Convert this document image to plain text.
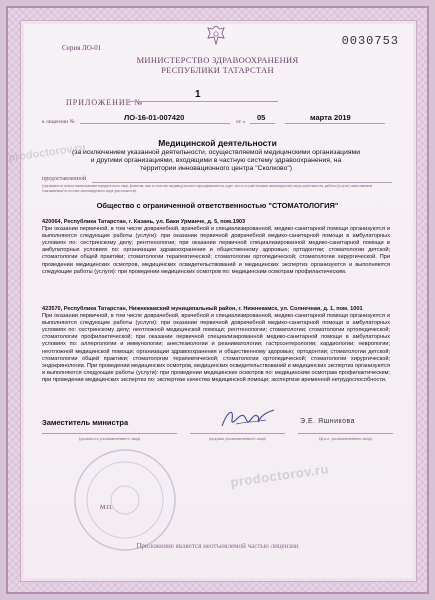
Серия ЛО-01	0030753
МИНИСТЕРСТВО ЗДРАВООХРАНЕНИЯ
РЕСПУБЛИКИ ТАТАРСТАН
ПРИЛОЖЕНИЕ №
1
к лицензии №	ЛО-16-01-007420	от « 05	марта 2019
Медицинской деятельности
(за исключением указанной деятельности, осуществляемой медицинскими организациями
и другими организациями, входящими в частную систему здравоохранения, на
территории инновационного центра "Сколково")
предоставленной
(указываются полное наименование юридического лица, фамилия, имя и отчество индивидуального предпринимателя, адрес места осуществления лицензируемого вида деятельности, работы (услуги), выполняемые (оказываемые) в составе лицензируемого вида деятельности)
Общество с ограниченной ответственностью "СТОМАТОЛОГИЯ"
420064, Республика Татарстан, г. Казань, ул. Баки Урманче, д. 5, пом.1903
При оказании первичной, в том числе доврачебной, врачебной и специализированной, медико-санитарной помощи организуются и выполняются следующие работы (услуги): при оказании первичной доврачебной медико-санитарной помощи в амбулаторных условиях по: сестринскому делу; рентгенологии; при оказании первичной специализированной медико-санитарной помощи в амбулаторных условиях по: организации здравоохранения и общественному здоровью; ортодонтии; стоматологии детской; стоматологии общей практики; стоматологии терапевтической; стоматологии ортопедической; стоматологии хирургической. При проведении медицинских осмотров, медицинских освидетельствований и медицинских экспертиз организуются и выполняются следующие работы (услуги): при проведении медицинских осмотров по: медицинским осмотрам профилактическим.
423570, Республика Татарстан, Нижнекамский муниципальный район, г. Нижнекамск, ул. Солнечная, д. 1, пом. 1001
При оказании первичной, в том числе доврачебной, врачебной и специализированной, медико-санитарной помощи организуются и выполняются следующие работы (услуги): при оказании первичной доврачебной медико-санитарной помощи в амбулаторных условиях по: сестринскому делу; неотложной медицинской помощи; рентгенологии; стоматологии; стоматологии ортопедической; стоматологии профилактической; при оказании первичной специализированной медико-санитарной помощи в амбулаторных условиях по: аллергологии и иммунологии; анестезиологии и реаниматологии; гастроэнтерологии; кардиологии; неврологии; неотложной медицинской помощи; организации здравоохранения и общественному здоровью; ортодонтии; стоматологии детской; стоматологии общей практики; стоматологии терапевтической; стоматологии ортопедической; стоматологии хирургической; эндокринологии. При проведении медицинских осмотров, медицинских освидетельствований и медицинских экспертиз организуются и выполняются следующие работы (услуги): при проведении медицинских осмотров по: медицинским осмотрам профилактическим; при проведении медицинских экспертиз по: экспертизе качества медицинской помощи; экспертизе временной нетрудоспособности.
Заместитель министра	Э.Е. Яшникова
(должность уполномоченного лица)	(подпись уполномоченного лица)	(ф.и.о. уполномоченного лица)
М.П.
Приложение является неотъемлемой частью лицензии
prodoctorov.ru
prodoctorov.ru
